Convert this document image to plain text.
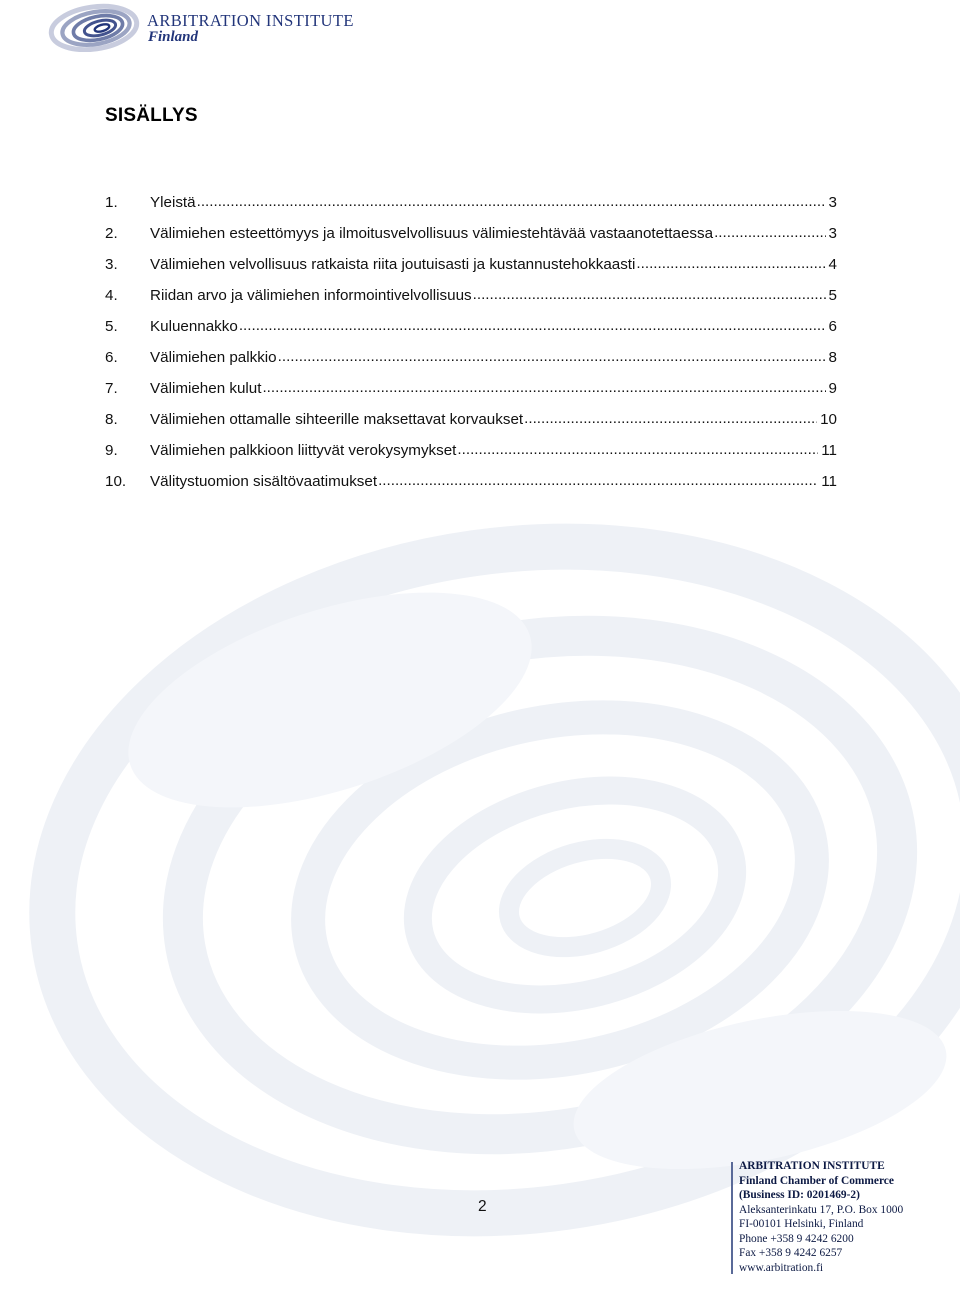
ARBITRATION INSTITUTE
Finland
SISÄLLYS
1.	Yleistä .....	3
2.	Välimiehen esteettömyys ja ilmoitusvelvollisuus välimiestehtävää vastaanotettaessa .....	3
3.	Välimiehen velvollisuus ratkaista riita joutuisasti ja kustannustehokkaasti .....	4
4.	Riidan arvo ja välimiehen informointivelvollisuus .....	5
5.	Kuluennakko .....	6
6.	Välimiehen palkkio .....	8
7.	Välimiehen kulut .....	9
8.	Välimiehen ottamalle sihteerille maksettavat korvaukset .....	10
9.	Välimiehen palkkioon liittyvät verokysymykset .....	11
10.	Välitystuomion sisältövaatimukset .....	11
2
ARBITRATION INSTITUTE
Finland Chamber of Commerce
(Business ID: 0201469-2)
Aleksanterinkatu 17, P.O. Box 1000
FI-00101 Helsinki, Finland
Phone +358 9 4242 6200
Fax +358 9 4242 6257
www.arbitration.fi
